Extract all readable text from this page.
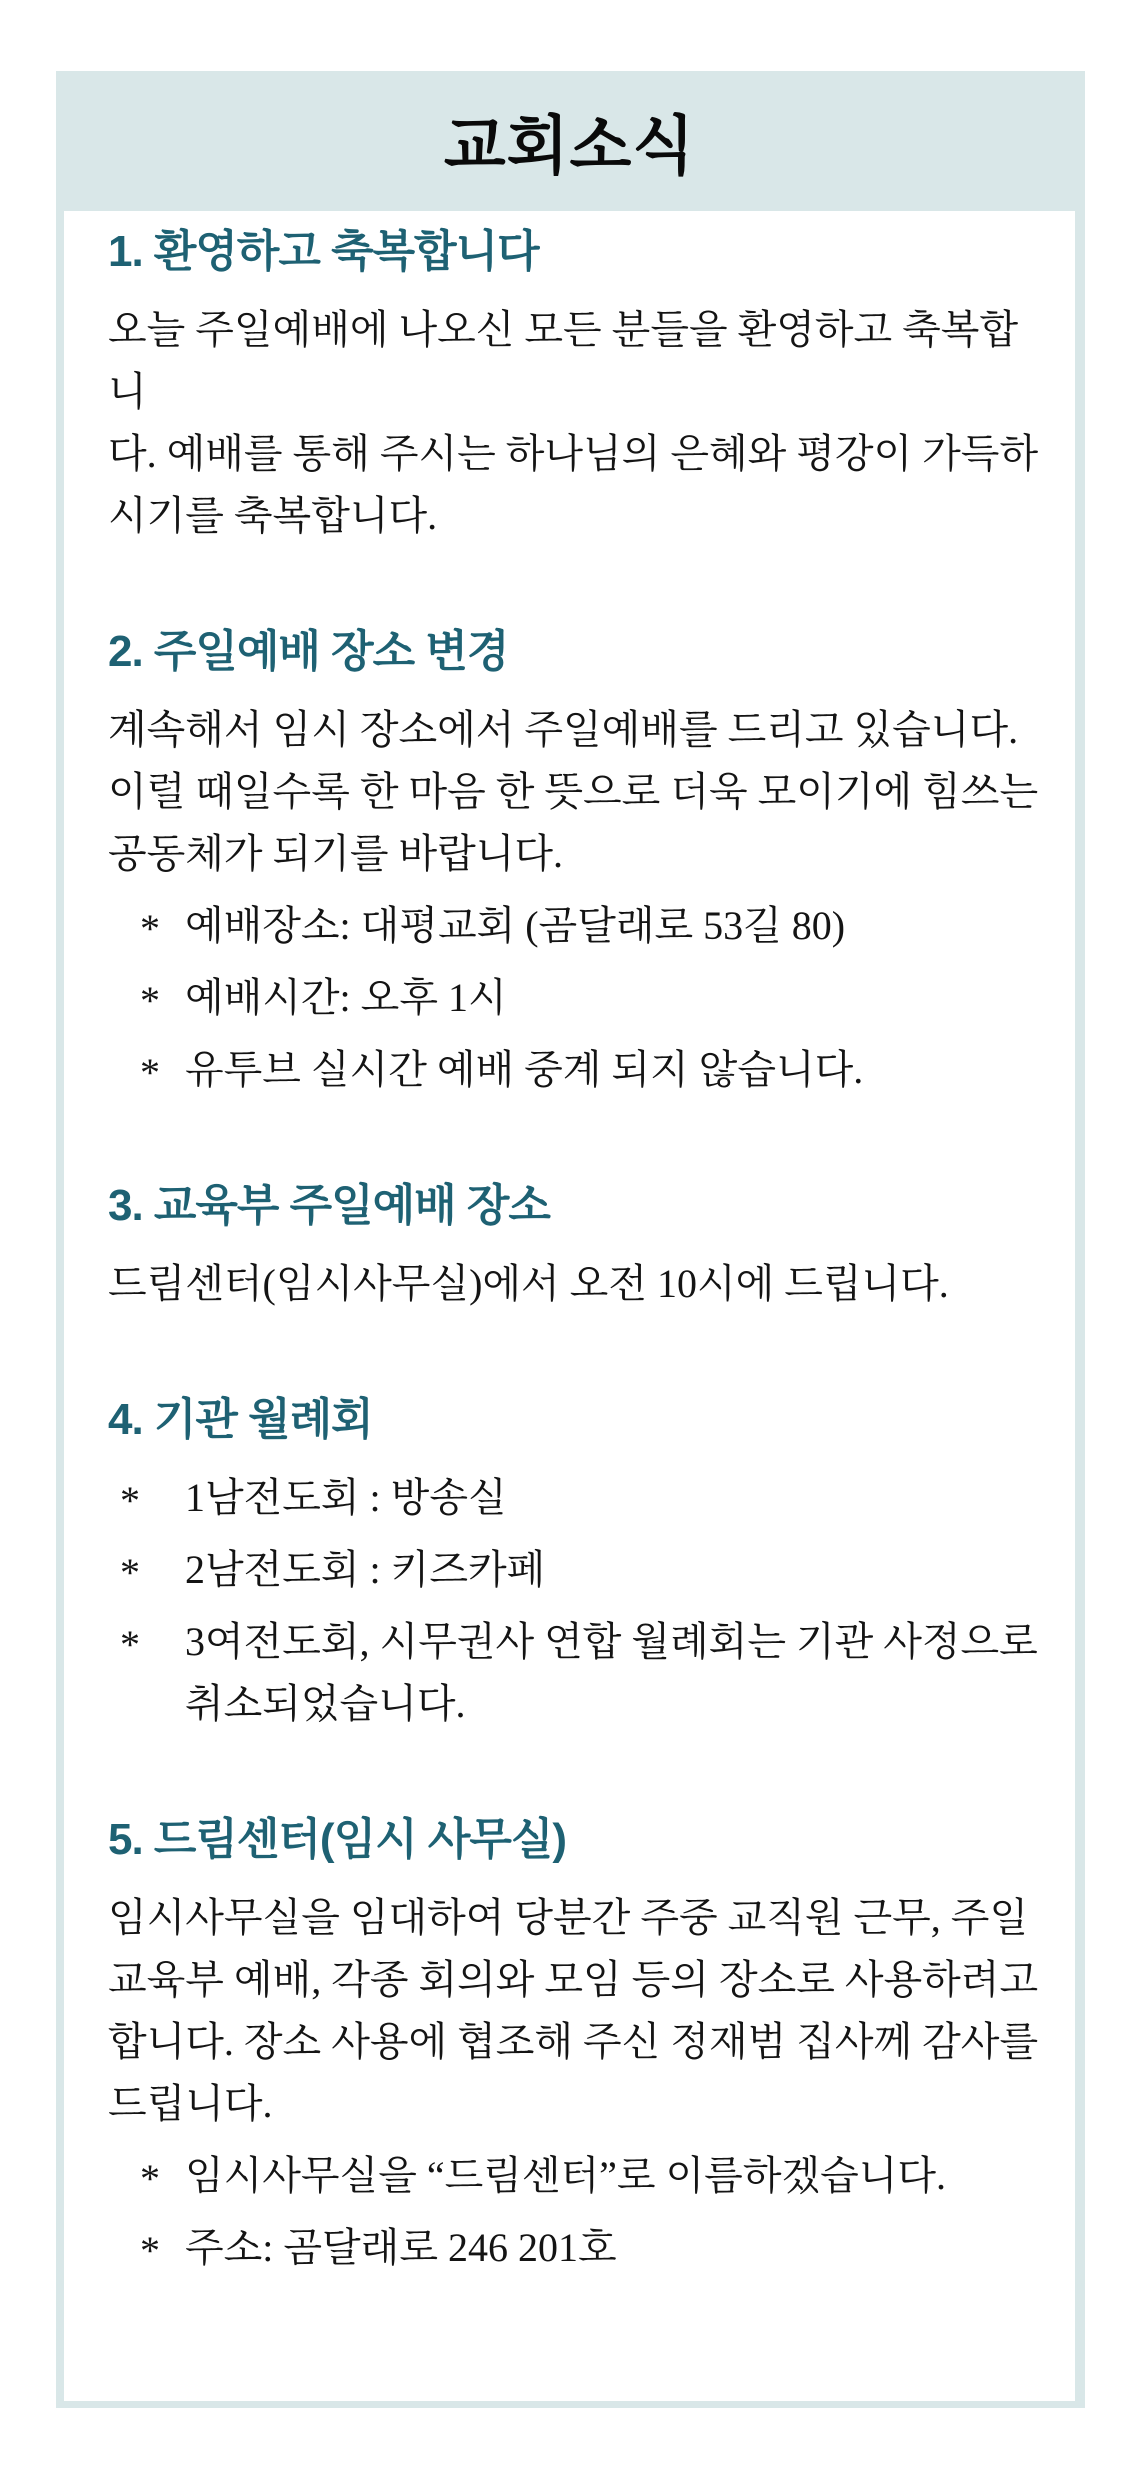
교회소식
1. 환영하고 축복합니다

오늘 주일예배에 나오신 모든 분들을 환영하고 축복합니

다. 예배를 통해 주시는 하나님의 은혜와 평강이 가득하

시기를 축복합니다.

2. 주일예배 장소 변경

계속해서 임시 장소에서 주일예배를 드리고 있습니다.

이럴 때일수록 한 마음 한 뜻으로 더욱 모이기에 힘쓰는

공동체가 되기를 바랍니다.

* 예배장소: 대평교회 (곰달래로 53길 80)
* 예배시간: 오후 1시
* 유투브 실시간 예배 중계 되지 않습니다.
3. 교육부 주일예배 장소

드림센터(임시사무실)에서 오전 10시에 드립니다.

4. 기관 월례회
*	1남전도회 : 방송실
*	2남전도회 : 키즈카페
*	3여전도회, 시무권사 연합 월례회는 기관 사정으로
취소되었습니다.
5. 드림센터(임시 사무실)

임시사무실을 임대하여 당분간 주중 교직원 근무, 주일

교육부 예배, 각종 회의와 모임 등의 장소로 사용하려고

합니다. 장소 사용에 협조해 주신 정재범 집사께 감사를

드립니다.

* 임시사무실을 “드림센터”로 이름하겠습니다.
* 주소: 곰달래로 246 201호
